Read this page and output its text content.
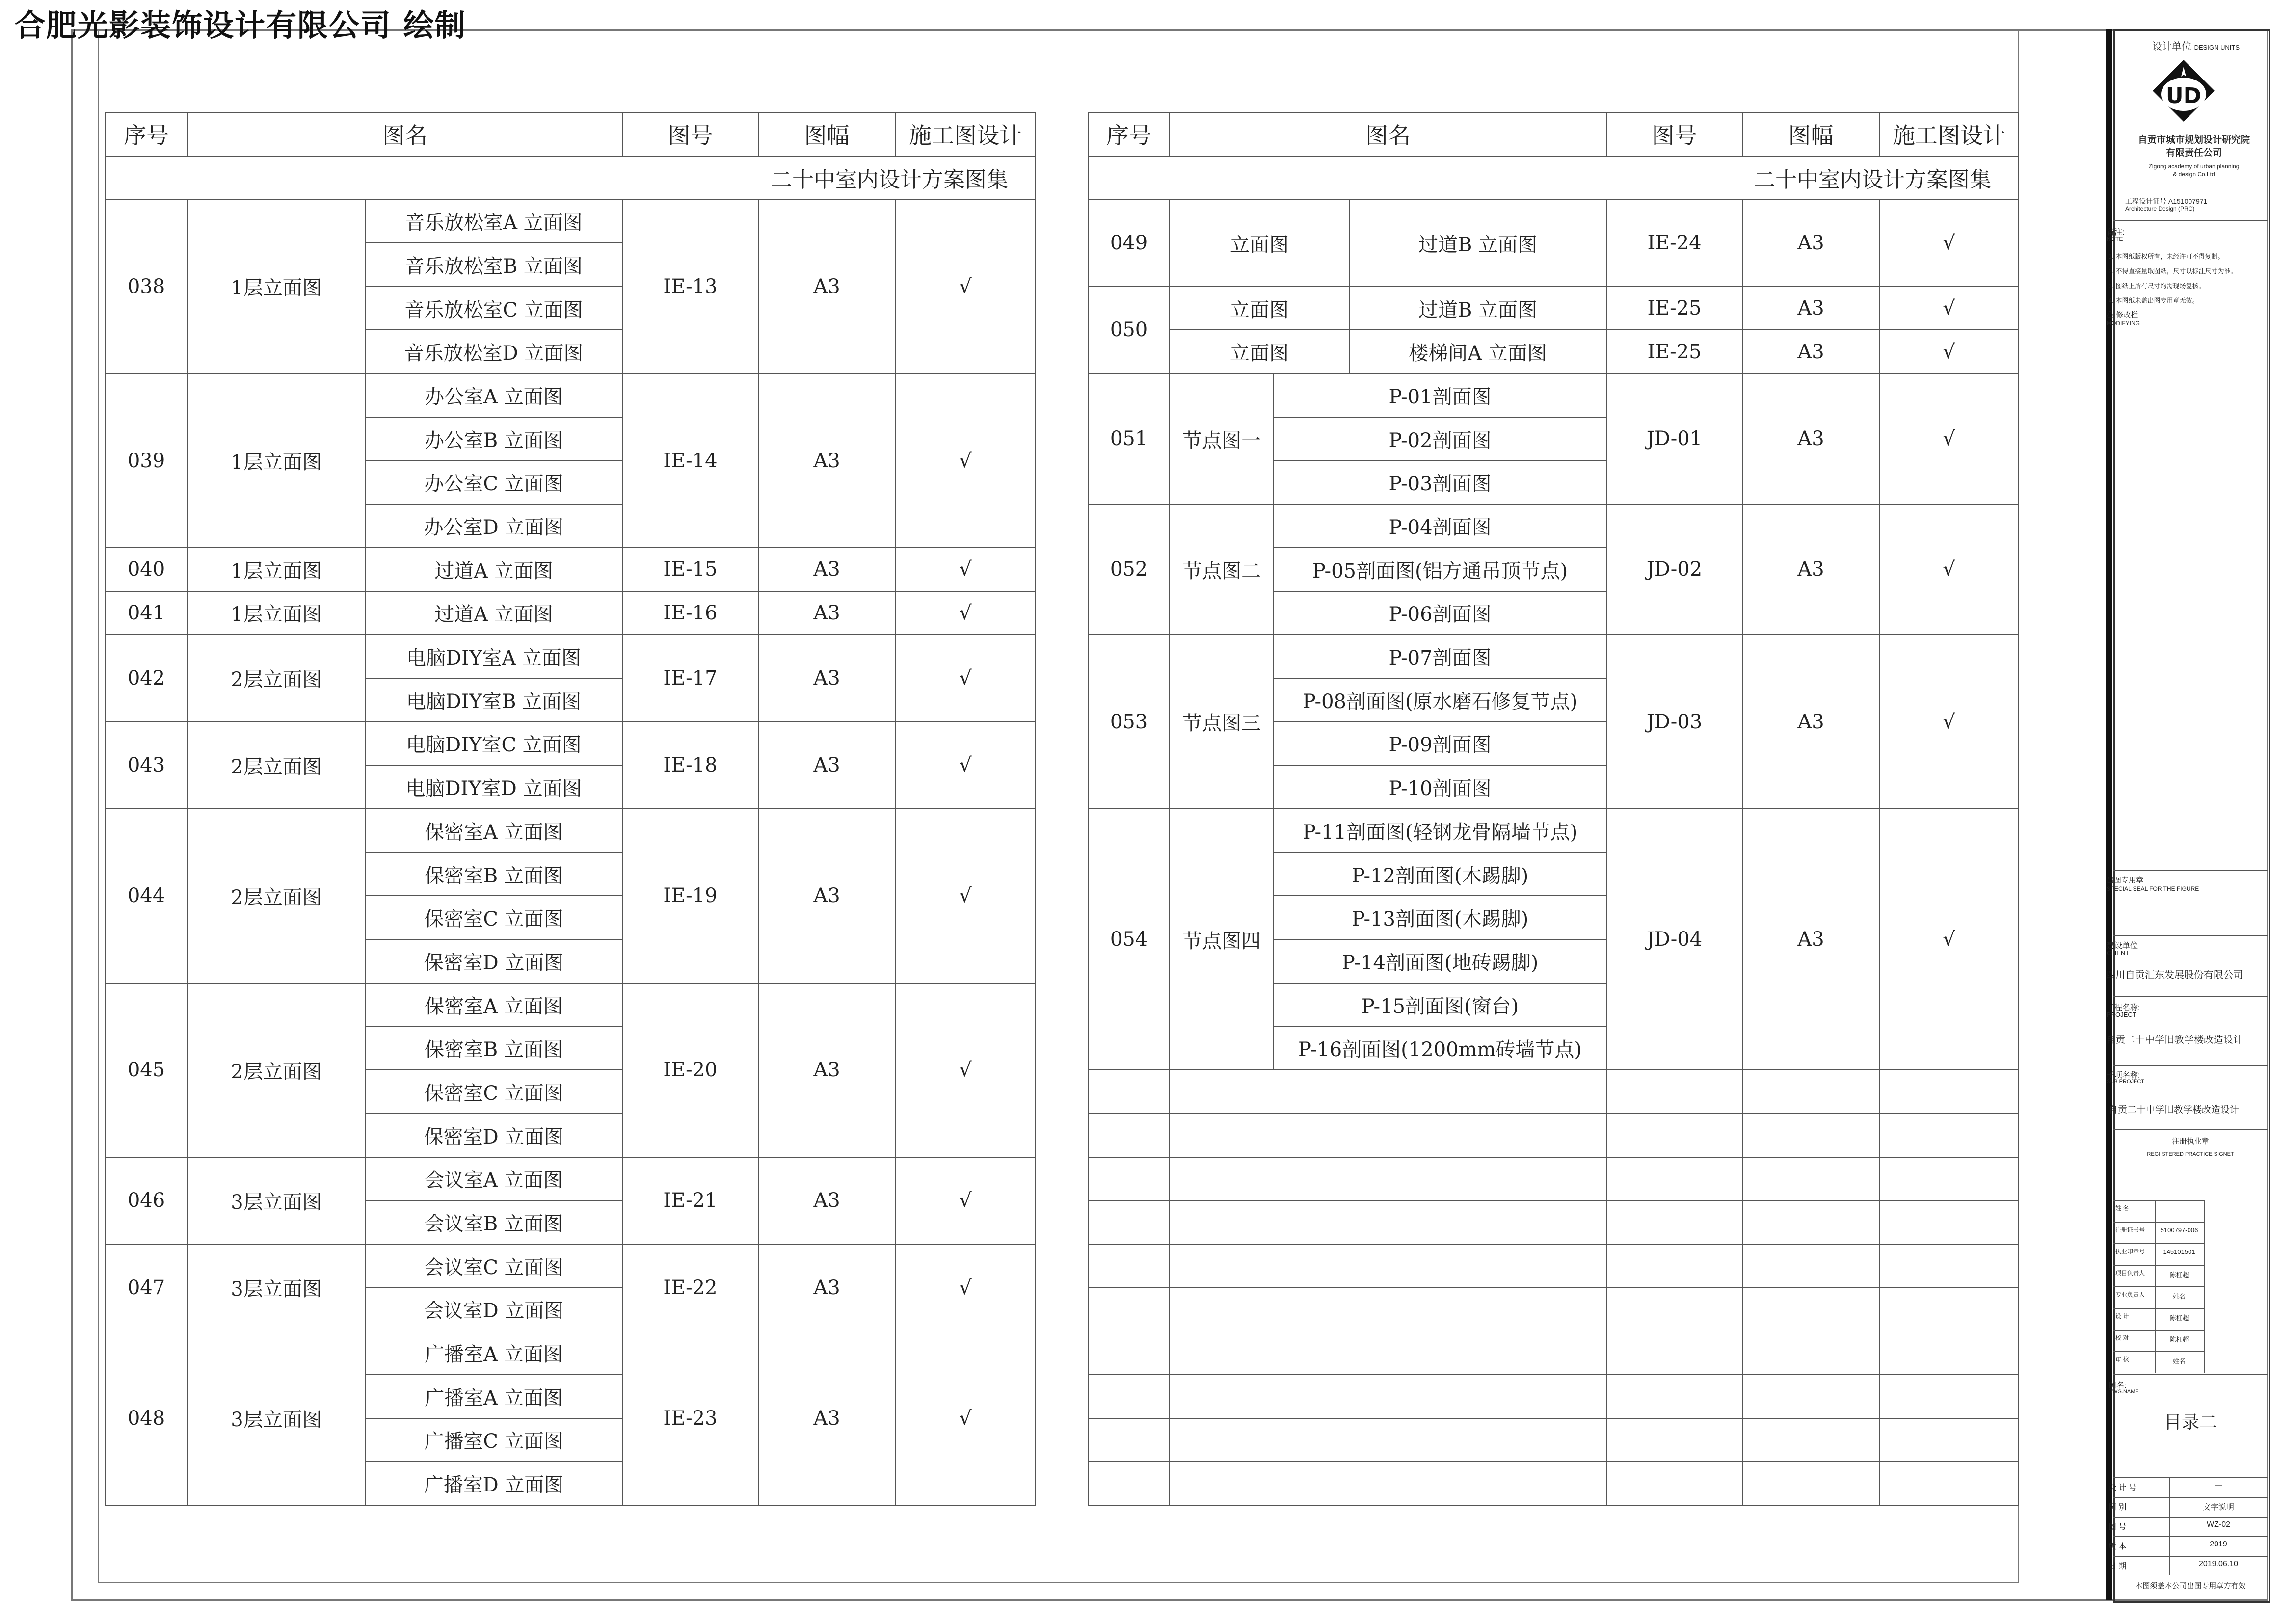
合肥光影装饰设计有限公司 绘制
序号	图名		图号	图幅	施工图设计
二十中室内设计方案图集					
038	1层立面图	音乐放松室A 立面图	IE-13	A3	√
		音乐放松室B 立面图			
		音乐放松室C 立面图			
		音乐放松室D 立面图			
039	1层立面图	办公室A 立面图	IE-14	A3	√
		办公室B 立面图			
		办公室C 立面图			
		办公室D 立面图			
040	1层立面图	过道A 立面图	IE-15	A3	√
041	1层立面图	过道A 立面图	IE-16	A3	√
042	2层立面图	电脑DIY室A 立面图	IE-17	A3	√
		电脑DIY室B 立面图			
043	2层立面图	电脑DIY室C 立面图	IE-18	A3	√
		电脑DIY室D 立面图			
044	2层立面图	保密室A 立面图	IE-19	A3	√
		保密室B 立面图			
		保密室C 立面图			
		保密室D 立面图			
045	2层立面图	保密室A 立面图	IE-20	A3	√
		保密室B 立面图			
		保密室C 立面图			
		保密室D 立面图			
046	3层立面图	会议室A 立面图	IE-21	A3	√
		会议室B 立面图			
047	3层立面图	会议室C 立面图	IE-22	A3	√
		会议室D 立面图			
048	3层立面图	广播室A 立面图	IE-23	A3	√
		广播室A 立面图			
		广播室C 立面图			
		广播室D 立面图			
序号	图名			图号	图幅	施工图设计
二十中室内设计方案图集						
049	立面图		过道B 立面图	IE-24	A3	√
050	立面图		过道B 立面图	IE-25	A3	√
	立面图		楼梯间A 立面图	IE-25	A3	√
051	节点图一	P-01剖面图		JD-01	A3	√
		P-02剖面图				
		P-03剖面图				
052	节点图二	P-04剖面图		JD-02	A3	√
		P-05剖面图(铝方通吊顶节点)				
		P-06剖面图				
053	节点图三	P-07剖面图		JD-03	A3	√
		P-08剖面图(原水磨石修复节点)				
		P-09剖面图				
		P-10剖面图				
054	节点图四	P-11剖面图(轻钢龙骨隔墙节点)		JD-04	A3	√
		P-12剖面图(木踢脚)				
		P-13剖面图(木踢脚)				
		P-14剖面图(地砖踢脚)				
		P-15剖面图(窗台)				
		P-16剖面图(1200mm砖墙节点)				

设计单位 DESIGN UNITS
UD
自贡市城市规划设计研究院
有限责任公司
Zigong academy of urban planning
& design Co.Ltd
工程设计证号 A151007971
Architecture Design (PRC)
备注:
NOTE
1. 本图纸版权所有，未经许可不得复制。
2. 不得直接量取图纸，尺寸以标注尺寸为准。
3. 图纸上所有尺寸均需现场复核。
4. 本图纸未盖出图专用章无效。
⚠ 修改栏
MODIFYING
出图专用章
SPECIAL SEAL FOR THE FIGURE
建设单位
CLIENT
四川自贡汇东发展股份有限公司
工程名称:
PROJECT
自贡二十中学旧教学楼改造设计
子项名称:
SUB PROJECT
自贡二十中学旧教学楼改造设计
注册执业章
REGI STERED PRACTICE SIGNET
姓 名	—
注册证书号	5100797-006
执业印章号	145101501
项目负责人	陈杠超
专业负责人	姓名
设 计	陈杠超
校 对	陈杠超
审 核	姓名
图名:
DWG.NAME
目录二
设 计 号	—
图 别	文字说明
图 号	WZ-02
版 本	2019
日 期	2019.06.10
本图须盖本公司出图专用章方有效
